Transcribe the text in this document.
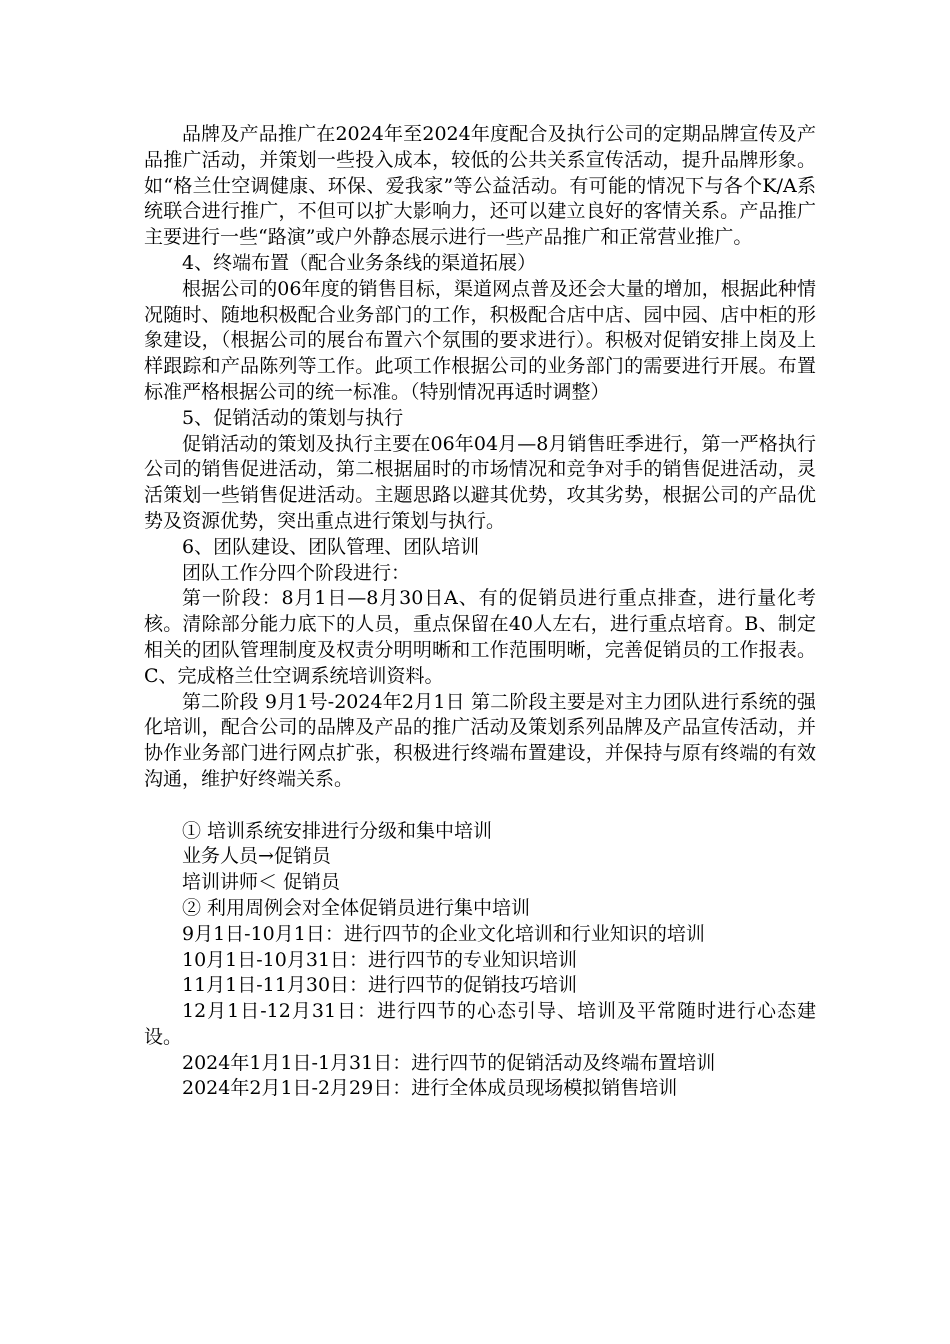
品牌及产品推广在2024年至2024年度配合及执行公司的定期品牌宣传及产品推广活动，并策划一些投入成本，较低的公共关系宣传活动，提升品牌形象。如“格兰仕空调健康、环保、爱我家”等公益活动。有可能的情况下与各个K/A系统联合进行推广，不但可以扩大影响力，还可以建立良好的客情关系。产品推广主要进行一些“路演”或户外静态展示进行一些产品推广和正常营业推广。

4、终端布置（配合业务条线的渠道拓展）

根据公司的06年度的销售目标，渠道网点普及还会大量的增加，根据此种情况随时、随地积极配合业务部门的工作，积极配合店中店、园中园、店中柜的形象建设，（根据公司的展台布置六个氛围的要求进行）。积极对促销安排上岗及上样跟踪和产品陈列等工作。此项工作根据公司的业务部门的需要进行开展。布置标准严格根据公司的统一标准。（特别情况再适时调整）

5、促销活动的策划与执行

促销活动的策划及执行主要在06年04月—8月销售旺季进行，第一严格执行公司的销售促进活动，第二根据届时的市场情况和竞争对手的销售促进活动，灵活策划一些销售促进活动。主题思路以避其优势，攻其劣势，根据公司的产品优势及资源优势，突出重点进行策划与执行。

6、团队建设、团队管理、团队培训

团队工作分四个阶段进行：

第一阶段：8月1日—8月30日A、有的促销员进行重点排查，进行量化考核。清除部分能力底下的人员，重点保留在40人左右，进行重点培育。B、制定相关的团队管理制度及权责分明明晰和工作范围明晰，完善促销员的工作报表。C、完成格兰仕空调系统培训资料。

第二阶段 9月1号-2024年2月1日 第二阶段主要是对主力团队进行系统的强化培训，配合公司的品牌及产品的推广活动及策划系列品牌及产品宣传活动，并协作业务部门进行网点扩张，积极进行终端布置建设，并保持与原有终端的有效沟通，维护好终端关系。

① 培训系统安排进行分级和集中培训

业务人员→促销员

培训讲师＜ 促销员

② 利用周例会对全体促销员进行集中培训

9月1日-10月1日：进行四节的企业文化培训和行业知识的培训

10月1日-10月31日：进行四节的专业知识培训

11月1日-11月30日：进行四节的促销技巧培训

12月1日-12月31日：进行四节的心态引导、培训及平常随时进行心态建设。

2024年1月1日-1月31日：进行四节的促销活动及终端布置培训

2024年2月1日-2月29日：进行全体成员现场模拟销售培训
